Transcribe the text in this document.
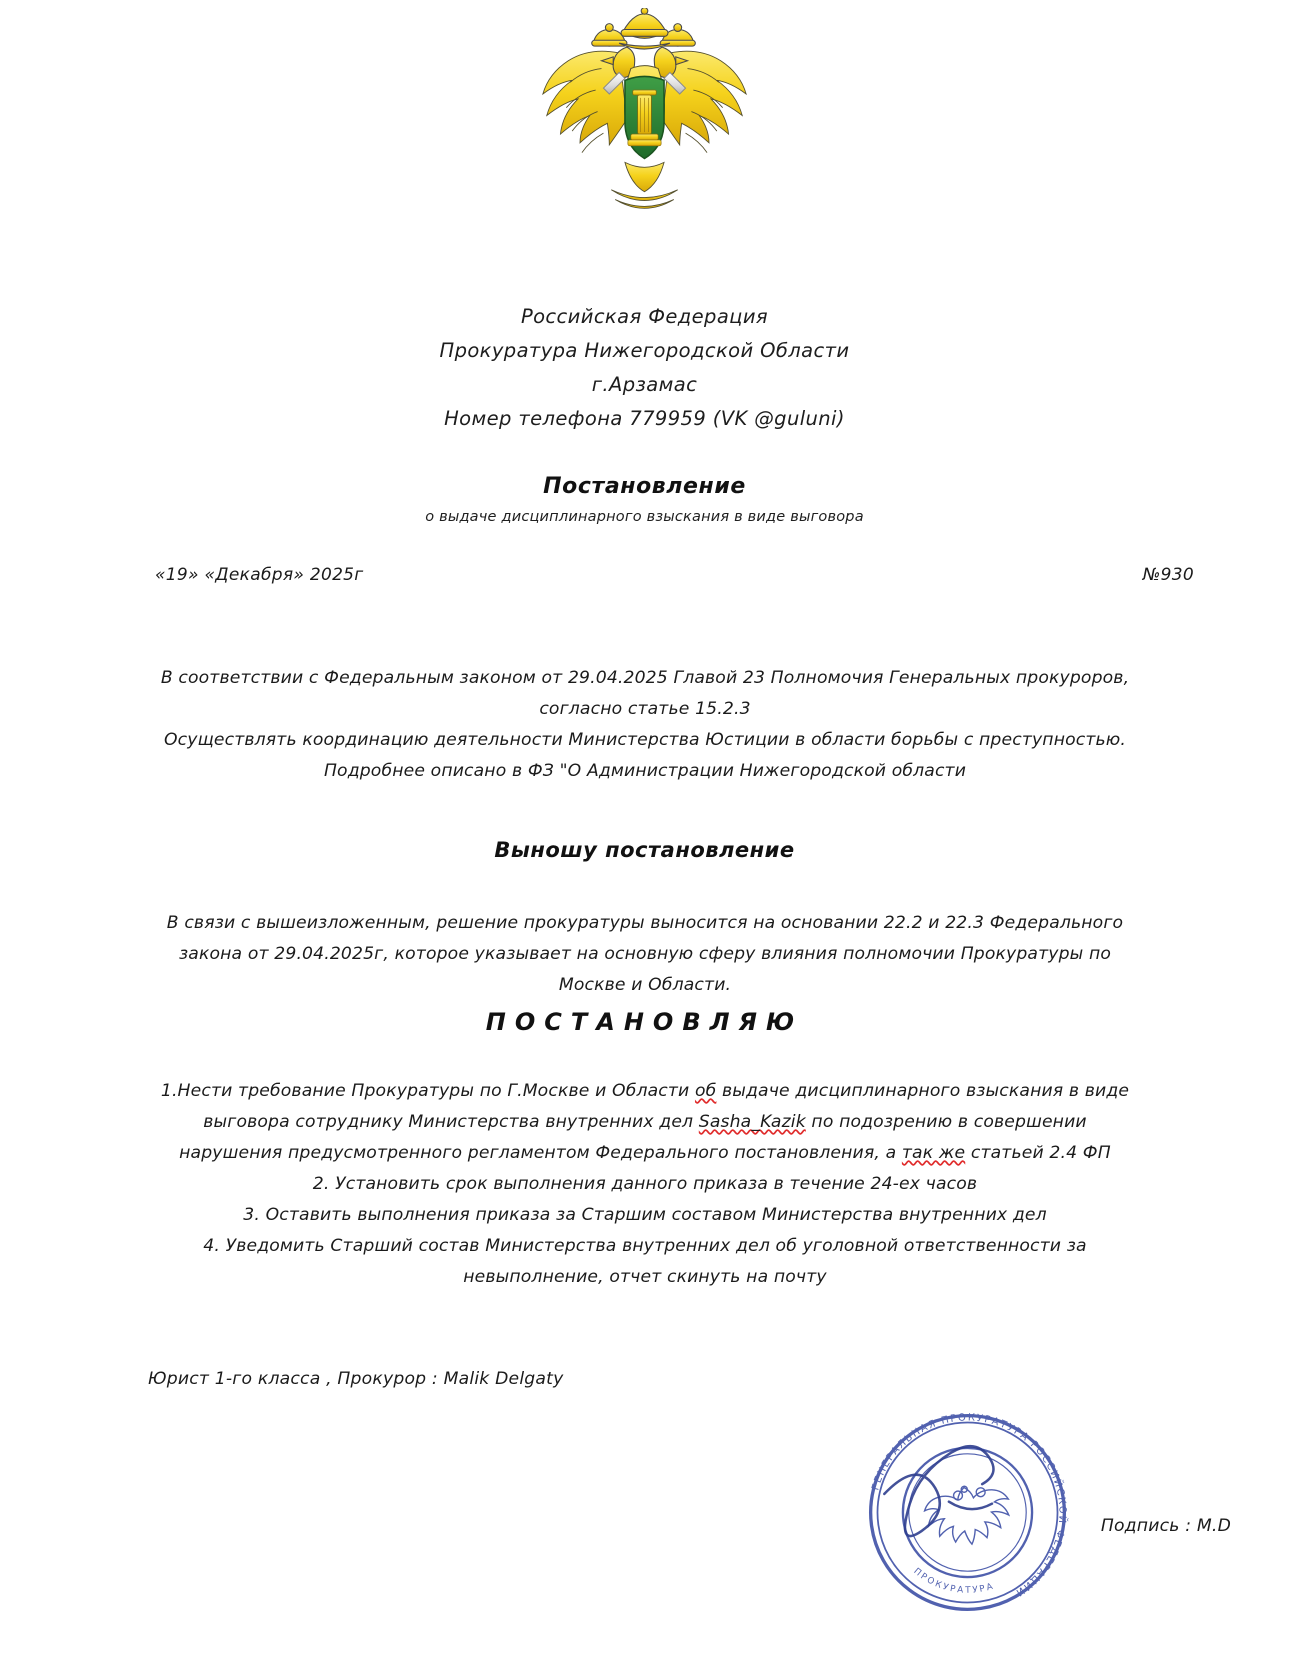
Российская Федерация
Прокуратура Нижегородской Области
г.Арзамас
Номер телефона 779959 (VK @guluni)
Постановление
о выдаче дисциплинарного взыскания в виде выговора
«19» «Декабря» 2025г	№930

В соответствии с Федеральным законом от 29.04.2025 Главой 23 Полномочия Генеральных прокуроров, согласно статье 15.2.3

Осуществлять координацию деятельности Министерства Юстиции в области борьбы с преступностью.

Подробнее описано в ФЗ "О Администрации Нижегородской области

Выношу постановление

В связи с вышеизложенным, решение прокуратуры выносится на основании 22.2 и 22.3 Федерального закона от 29.04.2025г, которое указывает на основную сферу влияния полномочии Прокуратуры по Москве и Области.

ПОСТАНОВЛЯЮ

1.Нести требование Прокуратуры по Г.Москве и Области об выдаче дисциплинарного взыскания в виде выговора сотруднику Министерства внутренних дел Sasha_Kazik по подозрению в совершении нарушения предусмотренного регламентом Федерального постановления, а так же статьей 2.4 ФП

2. Установить срок выполнения данного приказа в течение 24-ех часов

3. Оставить выполнения приказа за Старшим составом Министерства внутренних дел

4. Уведомить Старший состав Министерства внутренних дел об уголовной ответственности за невыполнение, отчет скинуть на почту

Юрист 1-го класса , Прокурор : Malik Delgaty
Подпись : M.D
ГЕНЕРАЛЬНАЯ ПРОКУРАТУРА РОССИЙСКОЙ ФЕДЕРАЦИИ
ПРОКУРАТУРА
